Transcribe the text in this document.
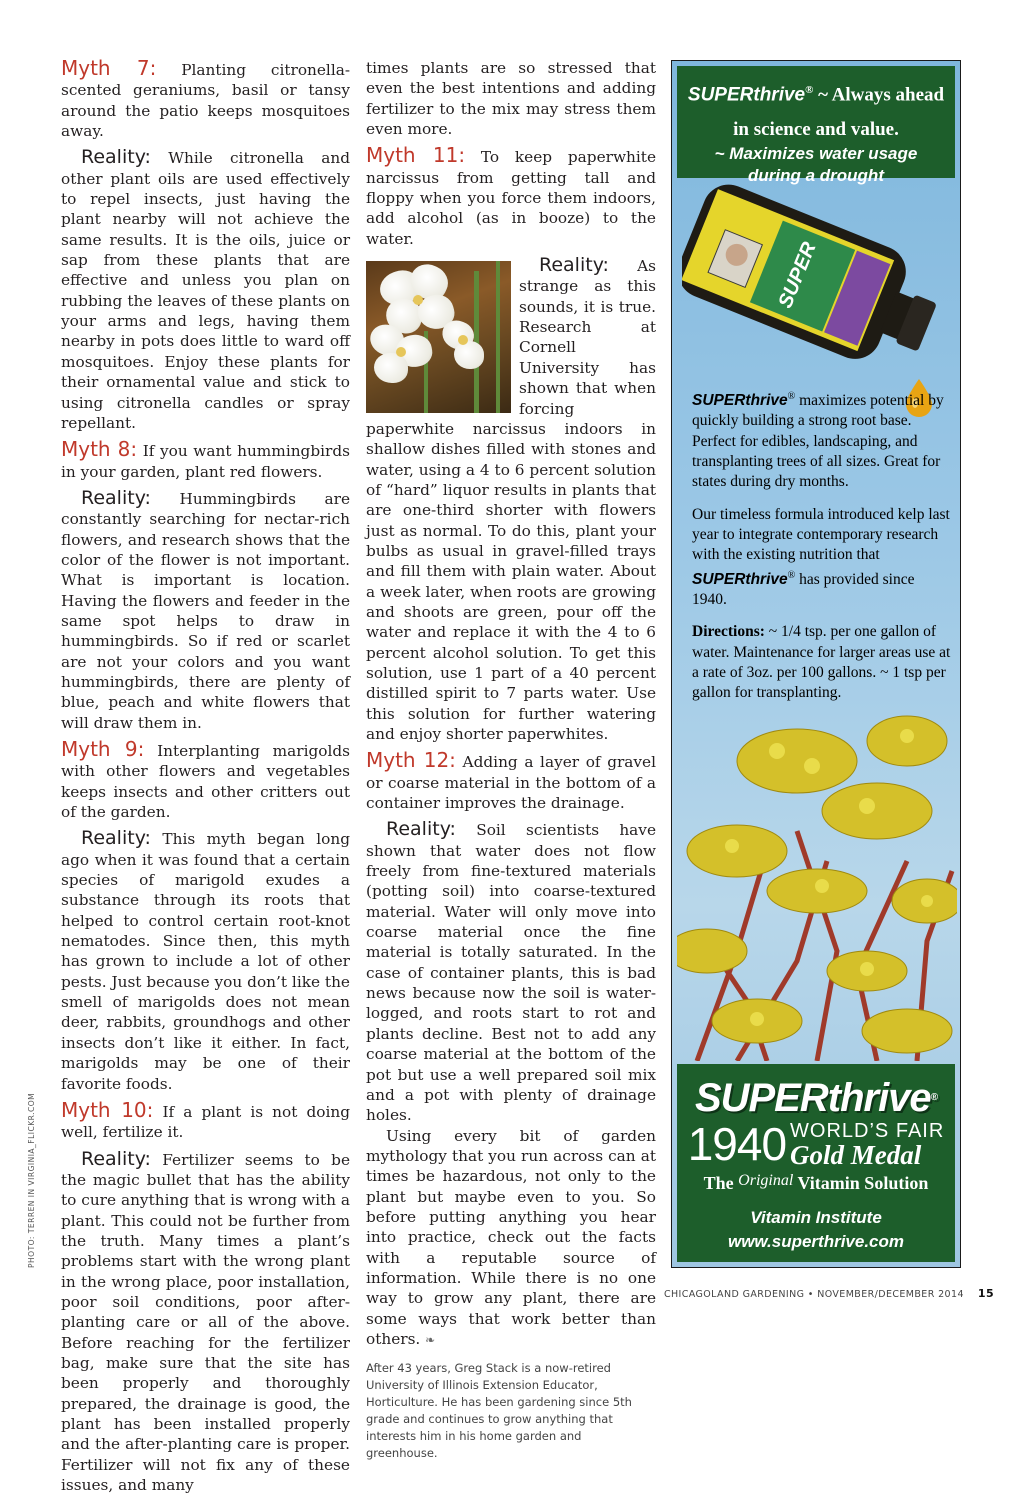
Myth 7: Planting citronella-scented geraniums, basil or tansy around the patio keeps mosquitoes away.

Reality: While citronella and other plant oils are used effectively to repel insects, just having the plant nearby will not achieve the same results. It is the oils, juice or sap from these plants that are effective and unless you plan on rubbing the leaves of these plants on your arms and legs, having them nearby in pots does little to ward off mosquitoes. Enjoy these plants for their ornamental value and stick to using citronella candles or spray repellant.

Myth 8: If you want hummingbirds in your garden, plant red flowers.

Reality: Hummingbirds are constantly searching for nectar-rich flowers, and research shows that the color of the flower is not important. What is important is location. Having the flowers and feeder in the same spot helps to draw in hummingbirds. So if red or scarlet are not your colors and you want hummingbirds, there are plenty of blue, peach and white flowers that will draw them in.

Myth 9: Interplanting marigolds with other flowers and vegetables keeps insects and other critters out of the garden.

Reality: This myth began long ago when it was found that a certain species of marigold exudes a substance through its roots that helped to control certain root-knot nematodes. Since then, this myth has grown to include a lot of other pests. Just because you don’t like the smell of marigolds does not mean deer, rabbits, groundhogs and other insects don’t like it either. In fact, marigolds may be one of their favorite foods.

Myth 10: If a plant is not doing well, fertilize it.

Reality: Fertilizer seems to be the magic bullet that has the ability to cure anything that is wrong with a plant. This could not be further from the truth. Many times a plant’s problems start with the wrong plant in the wrong place, poor installation, poor soil conditions, poor after-planting care or all of the above. Before reaching for the fertilizer bag, make sure that the site has been properly and thoroughly prepared, the drainage is good, the plant has been installed properly and the after-planting care is proper. Fertilizer will not fix any of these issues, and many

times plants are so stressed that even the best intentions and adding fertilizer to the mix may stress them even more.

Myth 11: To keep paperwhite narcissus from getting tall and floppy when you force them indoors, add alcohol (as in booze) to the water.

Reality:
As strange as this sounds, it is true. Research at Cornell University has shown that when forcing paperwhite narcissus indoors in shallow dishes filled with stones and water, using a 4 to 6 percent solution of “hard” liquor results in plants that are one-third shorter with flowers just as normal. To do this, plant your bulbs as usual in gravel-filled trays and fill them with plain water. About a week later, when roots are growing and shoots are green, pour off the water and replace it with the 4 to 6 percent alcohol solution. To get this solution, use 1 part of a 40 percent distilled spirit to 7 parts water. Use this solution for further watering and enjoy shorter paperwhites.

Myth 12: Adding a layer of gravel or coarse material in the bottom of a container improves the drainage.

Reality: Soil scientists have shown that water does not flow freely from fine-textured materials (potting soil) into coarse-textured material. Water will only move into coarse material once the fine material is totally saturated. In the case of container plants, this is bad news because now the soil is water-logged, and roots start to rot and plants decline. Best not to add any coarse material at the bottom of the pot but use a well prepared soil mix and a pot with plenty of drainage holes.

Using every bit of garden mythology that you run across can at times be hazardous, not only to the plant but maybe even to you. So before putting anything you hear into practice, check out the facts with a reputable source of information. While there is no one way to grow any plant, there are some ways that work better than others. ❧

After 43 years, Greg Stack is a now-retired University of Illinois Extension Educator, Horticulture. He has been gardening since 5th grade and continues to grow anything that interests him in his home garden and greenhouse.

PHOTO: TERREN IN VIRGINIA_FLICKR.COM
SUPERthrive® ~ Always ahead
in science and value.
~ Maximizes water usage
during a drought
SUPER

SUPERthrive® maximizes potential by quickly building a strong root base. Perfect for edibles, landscaping, and transplanting trees of all sizes. Great for states during dry months.

Our timeless formula introduced kelp last year to integrate contemporary research with the existing nutrition that SUPERthrive® has provided since 1940.

Directions: ~ 1/4 tsp. per one gallon of water. Maintenance for larger areas use at a rate of 3oz. per 100 gallons. ~ 1 tsp per gallon for transplanting.

SUPERthrive®
1940 WORLD’S FAIR
Gold Medal
The Original Vitamin Solution
Vitamin Institute
www.superthrive.com
CHICAGOLAND GARDENING • NOVEMBER/DECEMBER 2014 15
